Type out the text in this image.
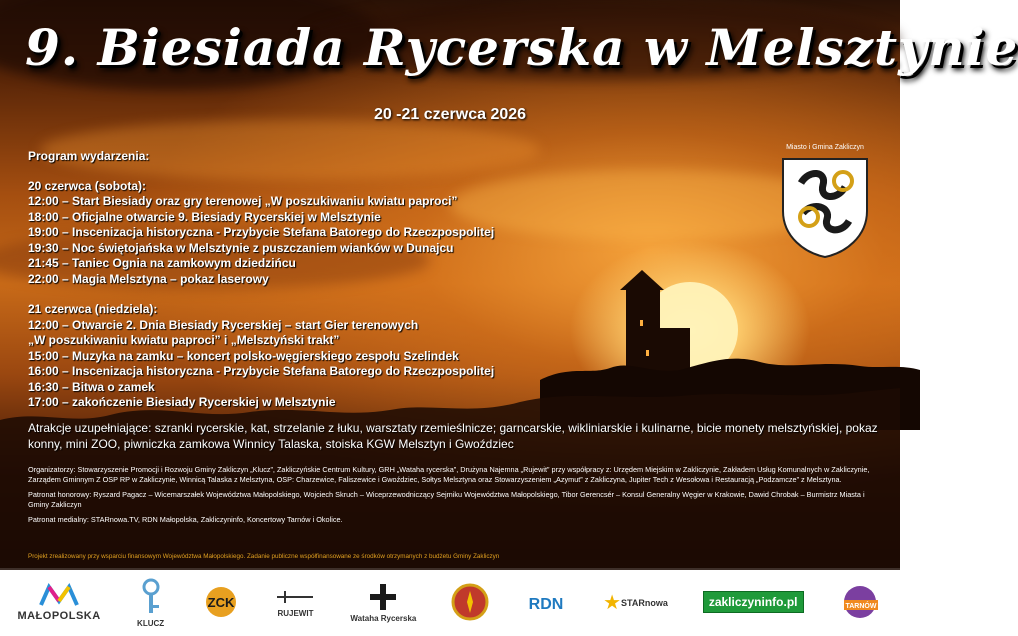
9. Biesiada Rycerska w Melsztynie
20 -21 czerwca 2026
Miasto i Gmina Zakliczyn
Program wydarzenia:
20 czerwca (sobota):
12:00 – Start Biesiady oraz gry terenowej „W poszukiwaniu kwiatu paproci”
18:00 – Oficjalne otwarcie 9. Biesiady Rycerskiej w Melsztynie
19:00 – Inscenizacja historyczna - Przybycie Stefana Batorego do Rzeczpospolitej
19:30 – Noc świętojańska w Melsztynie z puszczaniem wianków w Dunajcu
21:45 – Taniec Ognia na zamkowym dziedzińcu
22:00 – Magia Melsztyna – pokaz laserowy
21 czerwca (niedziela):
12:00 – Otwarcie 2. Dnia Biesiady Rycerskiej – start Gier terenowych
„W poszukiwaniu kwiatu paproci” i „Melsztyński trakt”
15:00 – Muzyka na zamku – koncert polsko-węgierskiego zespołu Szelindek
16:00 – Inscenizacja historyczna - Przybycie Stefana Batorego do Rzeczpospolitej
16:30 – Bitwa o zamek
17:00 – zakończenie Biesiady Rycerskiej w Melsztynie
Atrakcje uzupełniające: szranki rycerskie, kat, strzelanie z łuku, warsztaty rzemieślnicze; garncarskie, wikliniarskie i kulinarne, bicie monety melsztyńskiej, pokaz konny, mini ZOO, piwniczka zamkowa Winnicy Talaska, stoiska KGW Melsztyn i Gwoździec

Organizatorzy: Stowarzyszenie Promocji i Rozwoju Gminy Zakliczyn „Klucz”, Zakliczyńskie Centrum Kultury, GRH „Wataha rycerska”, Drużyna Najemna „Rujewit” przy współpracy z: Urzędem Miejskim w Zakliczynie, Zakładem Usług Komunalnych w Zakliczynie, Zarządem Gminnym Z OSP RP w Zakliczynie, Winnicą Talaska z Melsztyna, OSP: Charzewice, Faliszewice i Gwoździec, Sołtys Melsztyna oraz Stowarzyszeniem „Azymut” z Zakliczyna, Jupiter Tech z Wesołowa i Restauracją „Podzamcze” z Melsztyna.

Patronat honorowy: Ryszard Pagacz – Wicemarszałek Województwa Małopolskiego, Wojciech Skruch – Wiceprzewodniczący Sejmiku Województwa Małopolskiego, Tibor Gerencsér – Konsul Generalny Węgier w Krakowie, Dawid Chrobak – Burmistrz Miasta i Gminy Zakliczyn

Patronat medialny: STARnowa.TV, RDN Małopolska, Zakliczyninfo, Koncertowy Tarnów i Okolice.

Projekt zrealizowany przy wsparciu finansowym Województwa Małopolskiego. Zadanie publiczne współfinansowane ze środków otrzymanych z budżetu Gminy Zakliczyn
MAŁOPOLSKA
KLUCZ
ZCK
RUJEWIT
Wataha Rycerska
RDN ★ STARnowa	zakliczyninfo.pl	TARNÓW
